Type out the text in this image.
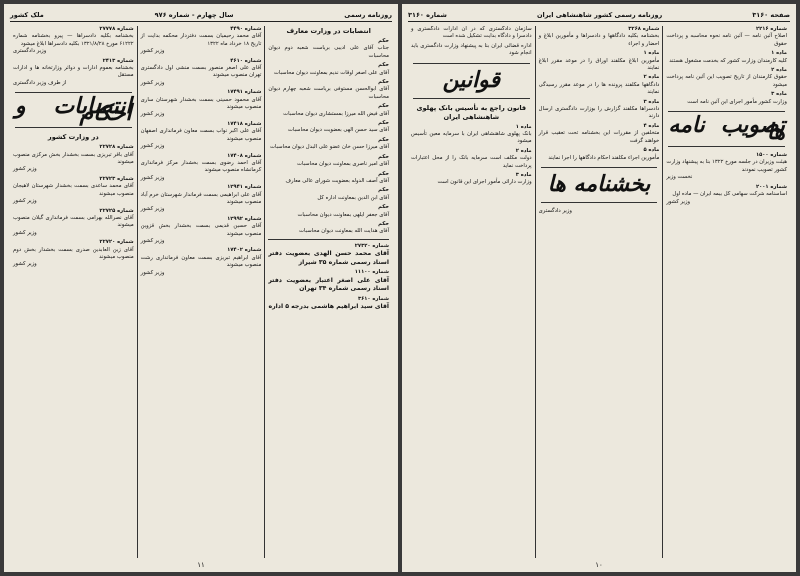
روزنامه رسمی
سال چهارم - شماره ۹۷۶
ملک کشور
انتصابات در وزارت معارف
حکم
جناب آقای علی ادیبی بریاست شعبه دوم دیوان محاسبات
حکم
آقای علی اصغر اوقات ندیم بمعاونت دیوان محاسبات
حکم
آقای ابوالحسن مستوفی بریاست شعبه چهارم دیوان محاسبات
حکم
آقای فیض الله میرزا بمستشاری دیوان محاسبات
حکم
آقای سید حسن الهی بعضویت دیوان محاسبات
حکم
آقای میرزا حسن خان عضو علی البدل دیوان محاسبات
حکم
آقای امیر ناصری بمعاونت دیوان محاسبات
حکم
آقای آصف الدوله بعضویت شورای عالی معارف
حکم
آقای ابن الدین بمعاونت اداره کل
حکم
آقای جعفر ایلهی بمعاونت دیوان محاسبات
حکم
آقای هدایت الله بمعاونت دیوان محاسبات
شماره ۲۷۳۲۰
آقای محمد حسن الهدی بعضویت دفتر اسناد رسمی شماره ۳۵ شیراز
شماره ۱۱۱۰۰
آقای علی اصغر اعتبار بعضویت دفتر اسناد رسمی شماره ۳۴ تهران
شماره ۳۶۱۰
آقای سید ابراهیم هاشمی بدرجه ۵ اداره
شماره ۴۴۹۰
آقای محمد رحیمیان بسمت دفتردار محکمه بدایت از تاریخ ۱۸ خرداد ماه ۱۳۲۲
وزیر کشور
شماره ۴۶۱۰
آقای علی اصغر منصور بسمت منشی اول دادگستری تهران منصوب میشوند
وزیر کشور
شماره ۱۷۴۹۱
آقای محمود حسینی بسمت بخشدار شهرستان ساری منصوب میشوند
وزیر کشور
شماره ۱۷۴۱۸
آقای علی اکبر نواب بسمت معاون فرمانداری اصفهان منصوب میشوند
وزیر کشور
شماره ۱۷۴۰۸
آقای احمد رضوی بسمت بخشدار مرکز فرمانداری کرمانشاه منصوب میشوند
وزیر کشور
شماره ۱۲۹۴۱
آقای علی ابراهیمی بسمت فرماندار شهرستان خرم آباد منصوب میشوند
وزیر کشور
شماره ۱۲۹۹۲
آقای حسین قدیمی بسمت بخشدار بخش قزوین منصوب میشوند
وزیر کشور
شماره ۱۷۴۰۲
آقای ابراهیم تبریزی بسمت معاون فرمانداری رشت منصوب میشوند
وزیر کشور
شماره ۲۷۷۷۸
بخشنامه بکلیه دادسراها — پیرو بخشنامه شماره ۶۱۲۲۲ مورخ ۱۳۲۱/۸/۲۸ بکلیه دادسراها ابلاغ میشود
وزیر دادگستری
شماره ۲۴۱۳
بخشنامه بعموم ادارات و دوائر وزارتخانه ها و ادارات مستقل
از طرف وزیر دادگستری
انتصابات و احکام
در وزارت کشور
شماره ۲۲۷۲۸
آقای باقر تبریزی بسمت بخشدار بخش مرکزی منصوب میشوند
وزیر کشور
شماره ۲۲۷۲۳
آقای محمد ساعدی بسمت بخشدار شهرستان لاهیجان منصوب میشوند
وزیر کشور
شماره ۲۲۷۲۵
آقای نصرالله بهرامی بسمت فرمانداری گیلان منصوب میشوند
وزیر کشور
شماره ۲۲۷۲۰
آقای زین العابدین صدری بسمت بخشدار بخش دوم منصوب میشوند
وزیر کشور
۱۱
صفحه ۳۱۶۰
روزنامه رسمی کشور شاهنشاهی ایران
شماره ۳۱۶۰
شماره ۲۲۱۶
اصلاح آئین نامه — آئین نامه نحوه محاسبه و پرداخت حقوق
ماده ۱
کلیه کارمندان وزارت کشور که بخدمت مشغول هستند
ماده ۲
حقوق کارمندان از تاریخ تصویب این آئین نامه پرداخت میشود
ماده ۳
وزارت کشور مأمور اجرای این آئین نامه است
تصویب نامه ها
شماره ۱۵۰۰
هیئت وزیران در جلسه مورخ ۱۳۲۲ بنا به پیشنهاد وزارت کشور تصویب نمودند
نخست وزیر
شماره ۲۰۰۱
اساسنامه شرکت سهامی کل بیمه ایران — ماده اول
وزیر کشور
شماره ۳۲۶۸
بخشنامه بکلیه دادگاهها و دادسراها و مأمورین ابلاغ و احضار و اجراء
ماده ۱
مأمورین ابلاغ مکلفند اوراق را در موعد مقرر ابلاغ نمایند
ماده ۲
دادگاهها مکلفند پرونده ها را در موعد مقرر رسیدگی نمایند
ماده ۳
دادسراها مکلفند گزارش را بوزارت دادگستری ارسال دارند
ماده ۴
متخلفین از مقررات این بخشنامه تحت تعقیب قرار خواهند گرفت
ماده ۵
مأمورین اجراء مکلفند احکام دادگاهها را اجرا نمایند
بخشنامه ها
وزیر دادگستری
سازمان دادگستری که در آن ادارات دادگستری و دادسرا و دادگاه بدایت تشکیل شده است
اداره قضائی ایران بنا به پیشنهاد وزارت دادگستری باید انجام شود
قوانین
قانون راجع به تأسیس بانک پهلوی شاهنشاهی ایران
ماده ۱
بانک پهلوی شاهنشاهی ایران با سرمایه معین تأسیس میشود
ماده ۲
دولت مکلف است سرمایه بانک را از محل اعتبارات پرداخت نماید
ماده ۳
وزارت دارائی مأمور اجرای این قانون است
۱۰
